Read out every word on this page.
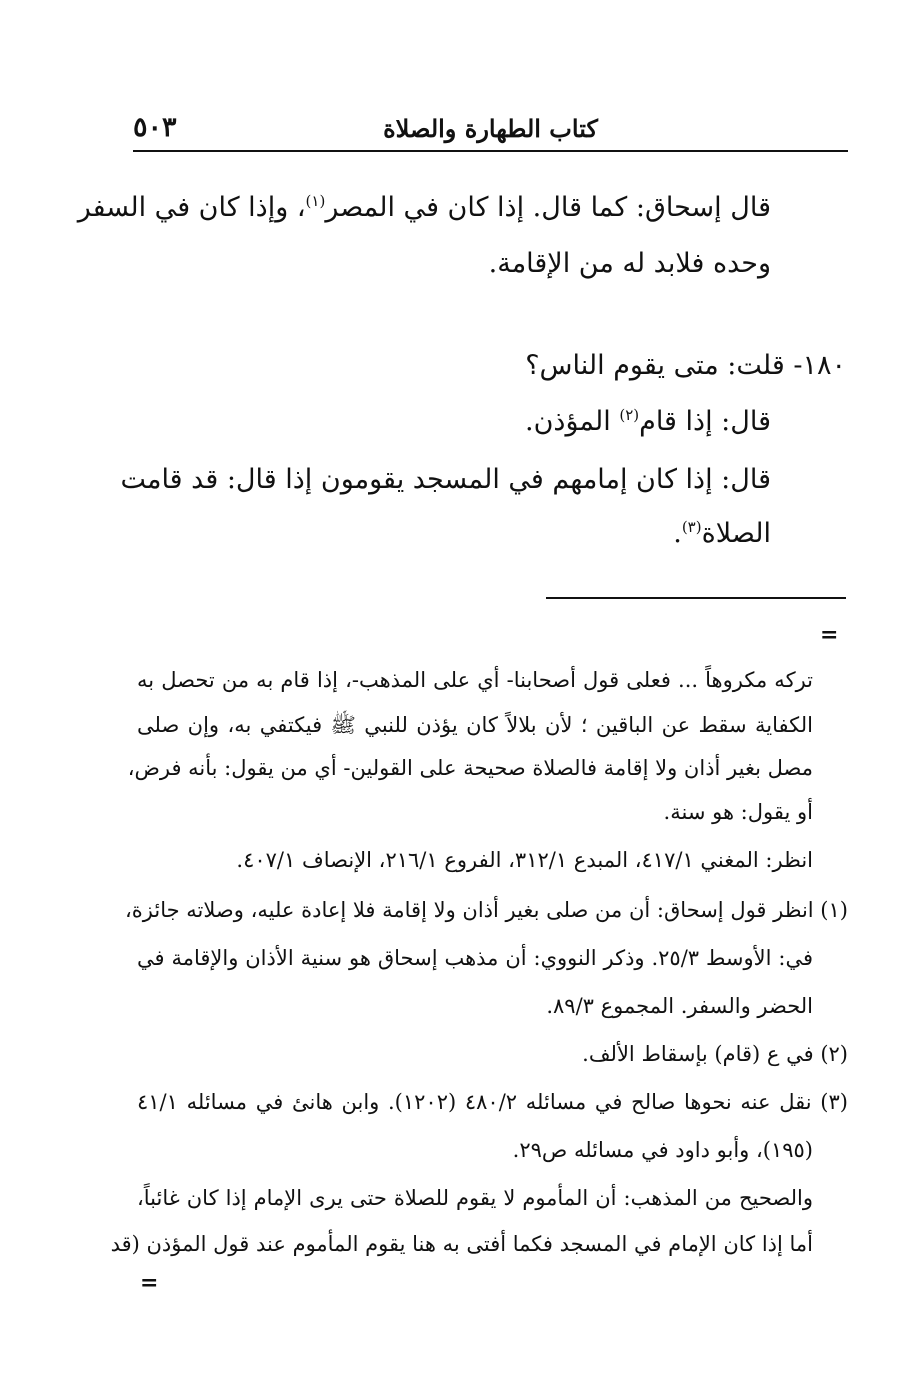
٥٠٣	كتاب الطهارة والصلاة
قال إسحاق: كما قال. إذا كان في المصر$^{(١)}$، وإذا كان في السفر
وحده فلابد له من الإقامة.
١٨٠- قلت: متى يقوم الناس؟
قال: إذا قام$^{(٢)}$ المؤذن.
قال: إذا كان إمامهم في المسجد يقومون إذا قال: قد قامت
الصلاة$^{(٣)}$.
=
تركه مكروهاً ... فعلى قول أصحابنا- أي على المذهب-، إذا قام به من تحصل به
الكفاية سقط عن الباقين ؛ لأن بلالاً كان يؤذن للنبي ﷺ فيكتفي به، وإن صلى
مصل بغير أذان ولا إقامة فالصلاة صحيحة على القولين- أي من يقول: بأنه فرض،
أو يقول: هو سنة.
انظر: المغني ٤١٧/١، المبدع ٣١٢/١، الفروع ٢١٦/١، الإنصاف ٤٠٧/١.
(١) انظر قول إسحاق: أن من صلى بغير أذان ولا إقامة فلا إعادة عليه، وصلاته جائزة،
في: الأوسط ٢٥/٣. وذكر النووي: أن مذهب إسحاق هو سنية الأذان والإقامة في
الحضر والسفر. المجموع ٨٩/٣.
(٢) في ع (قام) بإسقاط الألف.
(٣) نقل عنه نحوها صالح في مسائله ٤٨٠/٢ (١٢٠٢). وابن هانئ في مسائله ٤١/١
(١٩٥)، وأبو داود في مسائله ص٢٩.
والصحيح من المذهب: أن المأموم لا يقوم للصلاة حتى يرى الإمام إذا كان غائباً،
أما إذا كان الإمام في المسجد فكما أفتى به هنا يقوم المأموم عند قول المؤذن (قد
=
